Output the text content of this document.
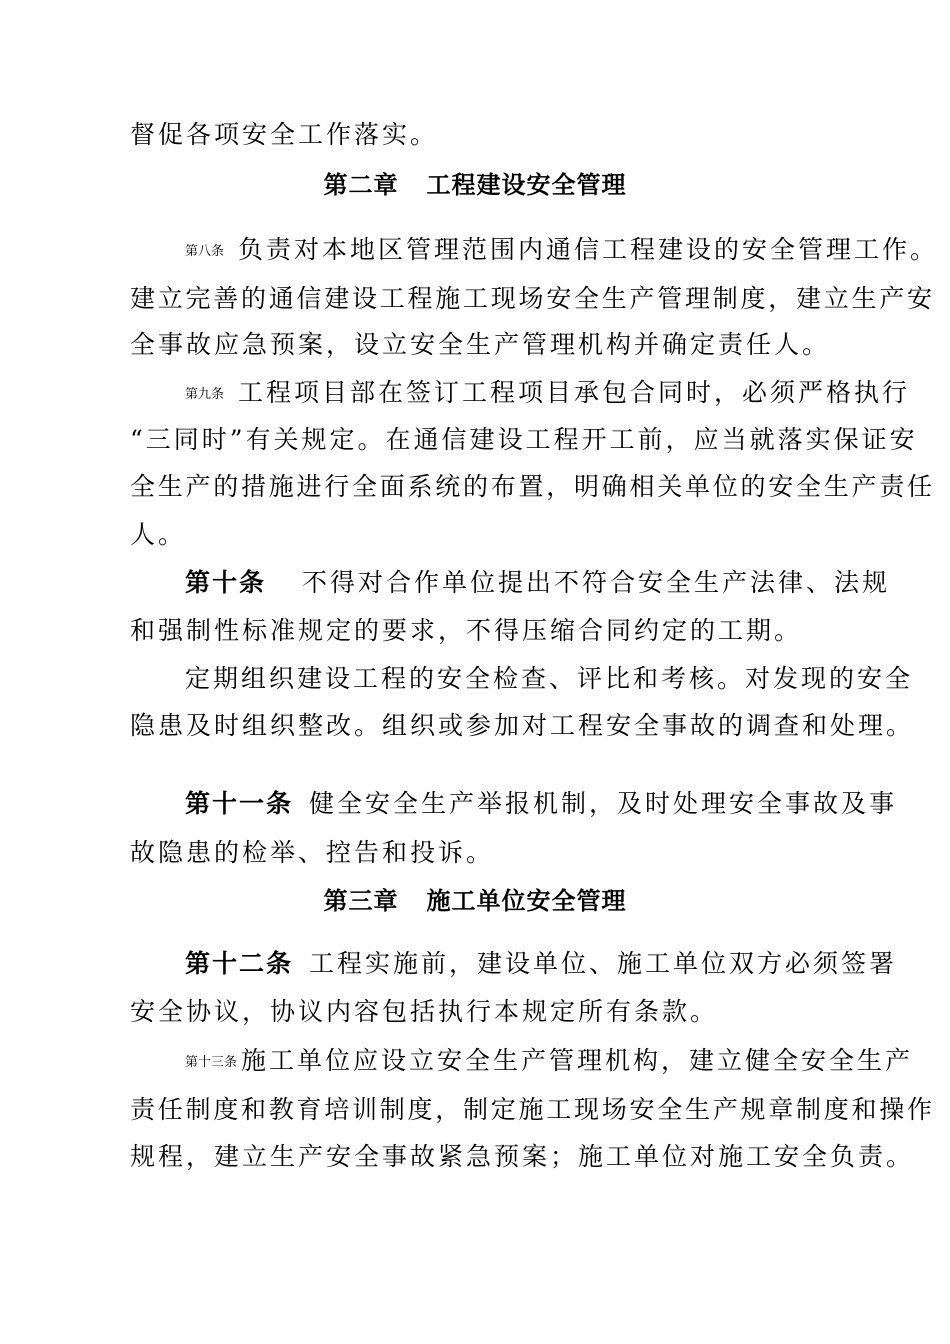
督促各项安全工作落实。
第二章 工程建设安全管理
第八条 负责对本地区管理范围内通信工程建设的安全管理工作。
建立完善的通信建设工程施工现场安全生产管理制度，建立生产安
全事故应急预案，设立安全生产管理机构并确定责任人。
第九条 工程项目部在签订工程项目承包合同时，必须严格执行
“三同时”有关规定。在通信建设工程开工前，应当就落实保证安
全生产的措施进行全面系统的布置，明确相关单位的安全生产责任
人。
第十条 不得对合作单位提出不符合安全生产法律、法规
和强制性标准规定的要求，不得压缩合同约定的工期。
定期组织建设工程的安全检查、评比和考核。对发现的安全
隐患及时组织整改。组织或参加对工程安全事故的调查和处理。
第十一条 健全安全生产举报机制，及时处理安全事故及事
故隐患的检举、控告和投诉。
第三章 施工单位安全管理
第十二条 工程实施前，建设单位、施工单位双方必须签署
安全协议，协议内容包括执行本规定所有条款。
第十三条 施工单位应设立安全生产管理机构，建立健全安全生产
责任制度和教育培训制度，制定施工现场安全生产规章制度和操作
规程，建立生产安全事故紧急预案；施工单位对施工安全负责。
